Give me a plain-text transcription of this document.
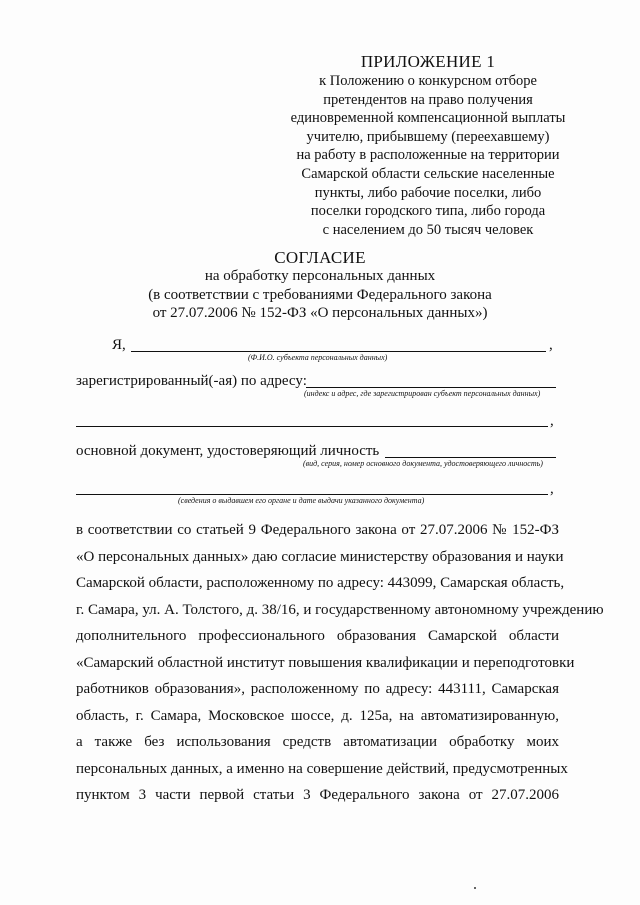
ПРИЛОЖЕНИЕ 1
к Положению о конкурсном отборе
претендентов на право получения
единовременной компенсационной выплаты
учителю, прибывшему (переехавшему)
на работу в расположенные на территории
Самарской области сельские населенные
пункты, либо рабочие поселки, либо
поселки городского типа, либо города
с населением до 50 тысяч человек
СОГЛАСИЕ
на обработку персональных данных
(в соответствии с требованиями Федерального закона
от 27.07.2006 № 152-ФЗ «О персональных данных»)
Я,	,
(Ф.И.О. субъекта персональных данных)
зарегистрированный(-ая) по адресу:
(индекс и адрес, где зарегистрирован субъект персональных данных)
,
основной документ, удостоверяющий личность
(вид, серия, номер основного документа, удостоверяющего личность)
,
(сведения о выдавшем его органе и дате выдачи указанного документа)
в соответствии со статьей 9 Федерального закона от 27.07.2006 № 152-ФЗ
«О персональных данных» даю согласие министерству образования и науки
Самарской области, расположенному по адресу: 443099, Самарская область,
г. Самара, ул. А. Толстого, д. 38/16, и государственному автономному учреждению
дополнительного профессионального образования Самарской области
«Самарский областной институт повышения квалификации и переподготовки
работников образования», расположенному по адресу: 443111, Самарская
область, г. Самара, Московское шоссе, д. 125а, на автоматизированную,
а также без использования средств автоматизации обработку моих
персональных данных, а именно на совершение действий, предусмотренных
пунктом 3 части первой статьи 3 Федерального закона от 27.07.2006
